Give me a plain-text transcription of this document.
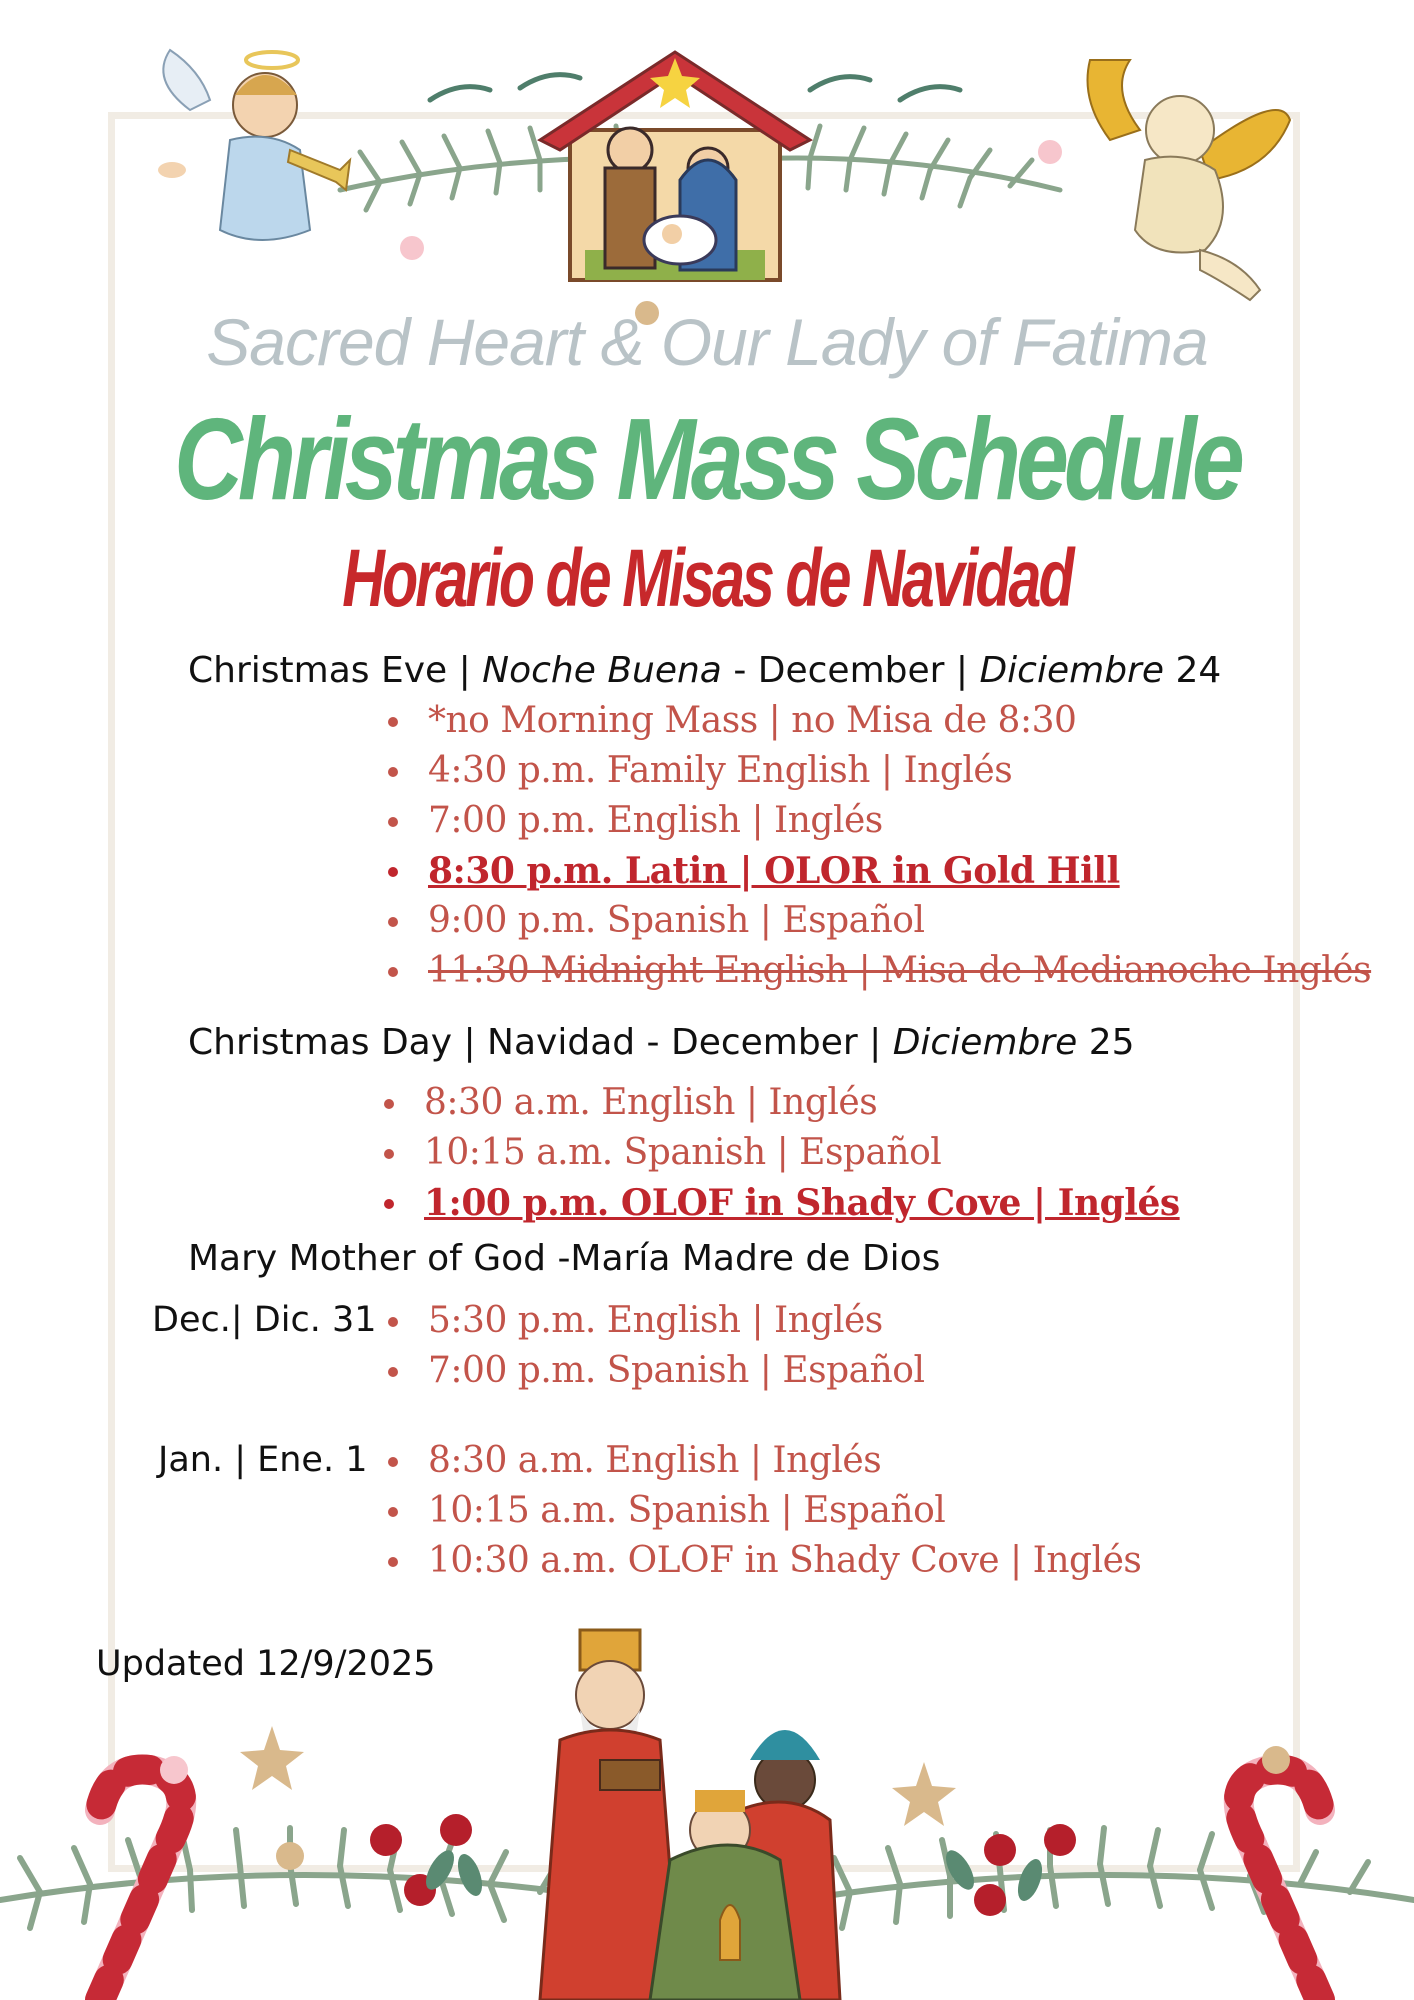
Sacred Heart & Our Lady of Fatima
Christmas Mass Schedule
Horario de Misas de Navidad
Christmas Eve | Noche Buena - December | Diciembre 24
*no Morning Mass | no Misa de 8:30
4:30 p.m. Family English | Inglés
7:00 p.m. English | Inglés
8:30 p.m. Latin | OLOR in Gold Hill
9:00 p.m. Spanish | Español
11:30 Midnight English | Misa de Medianoche Inglés
Christmas Day | Navidad - December | Diciembre 25
8:30 a.m. English | Inglés
10:15 a.m. Spanish | Español
1:00 p.m. OLOF in Shady Cove | Inglés
Mary Mother of God -María Madre de Dios
Dec.| Dic. 31	5:30 p.m. English | Inglés
7:00 p.m. Spanish | Español
Jan. | Ene. 1	8:30 a.m. English | Inglés
10:15 a.m. Spanish | Español
10:30 a.m. OLOF in Shady Cove | Inglés
Updated 12/9/2025
